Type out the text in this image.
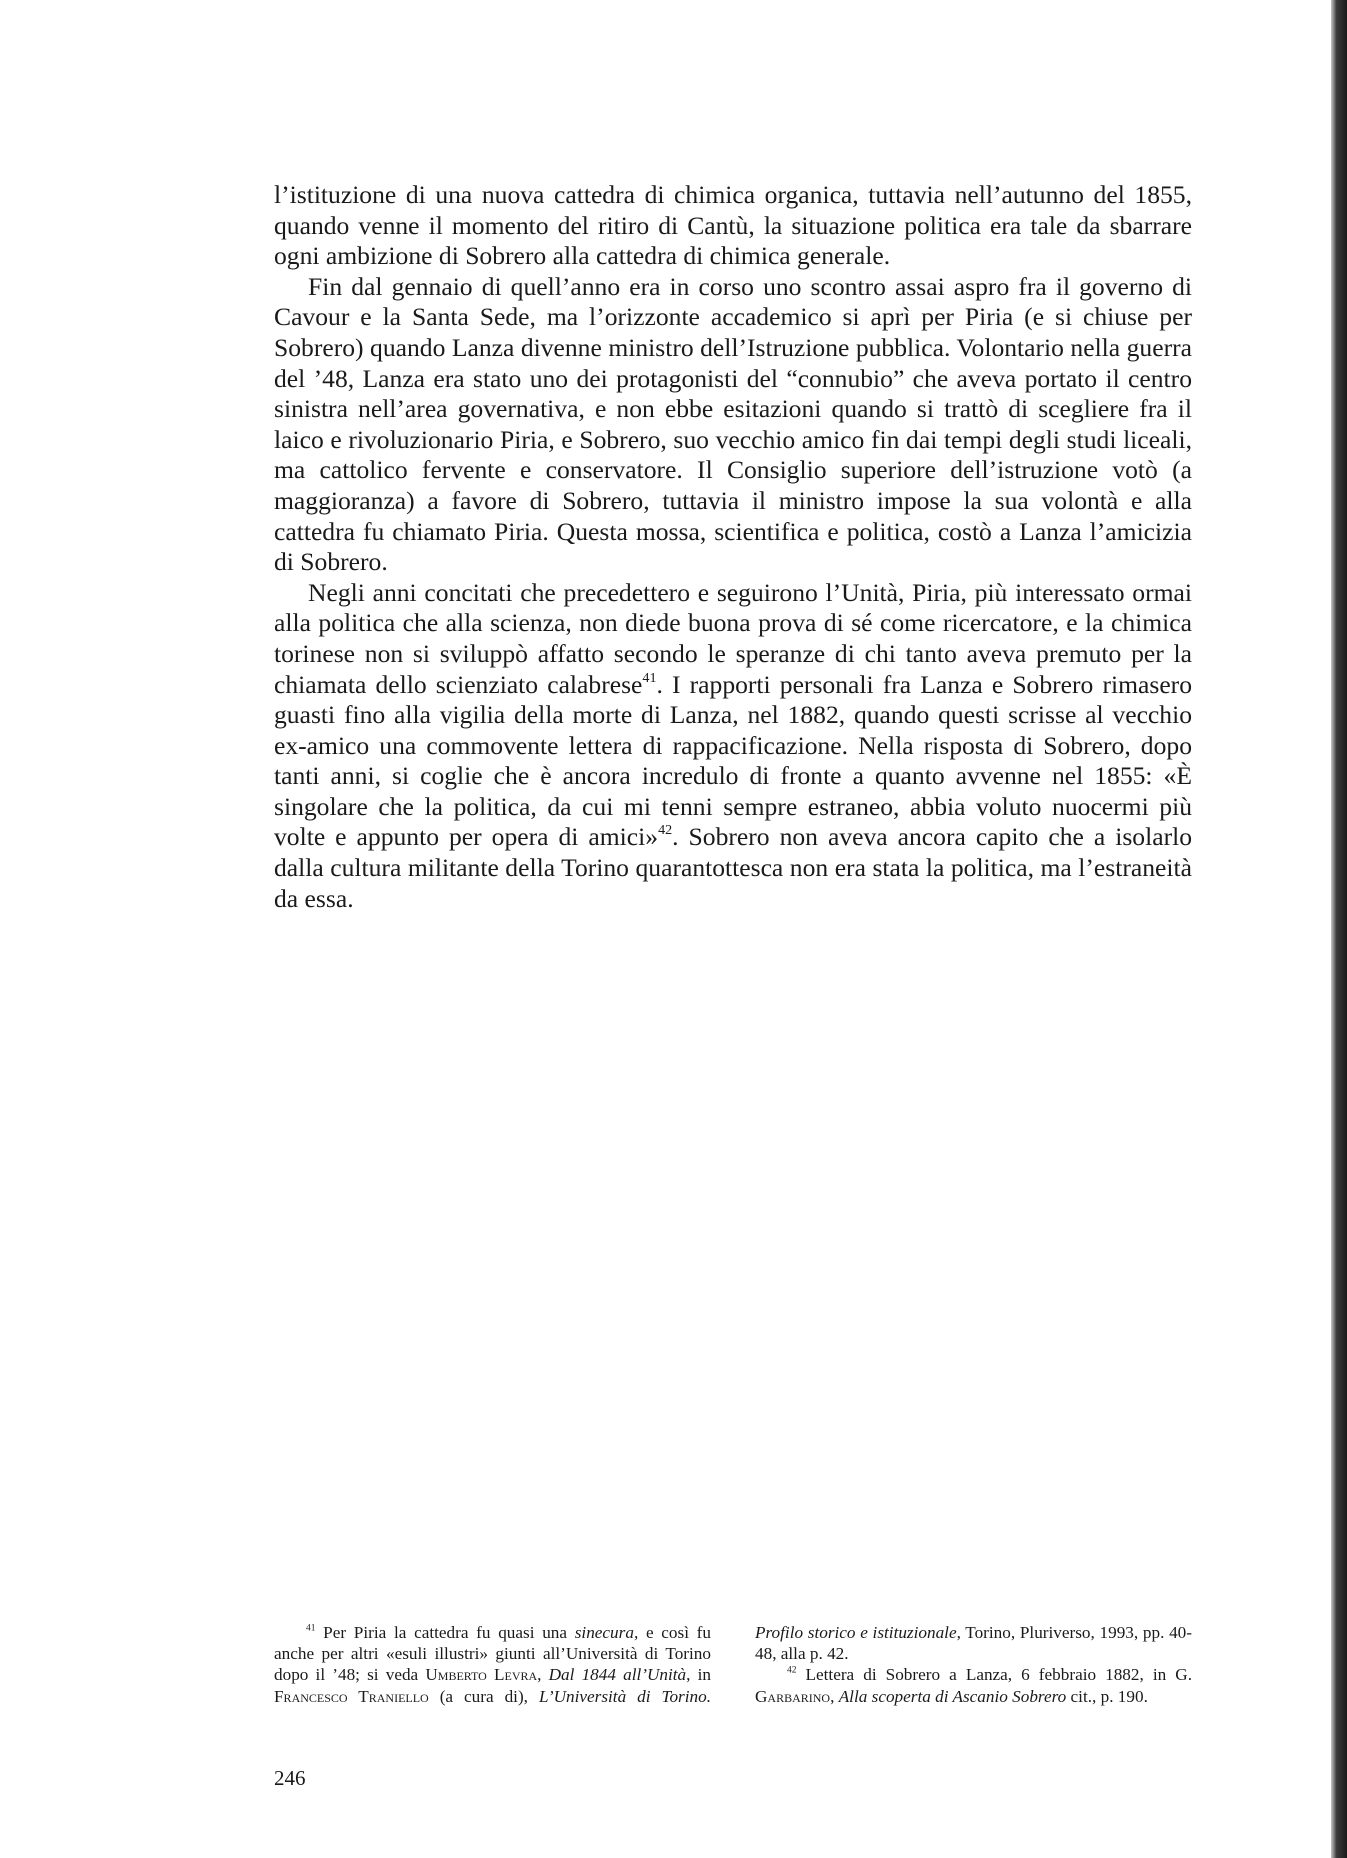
l’istituzione di una nuova cattedra di chimica organica, tuttavia nell’autunno del 1855, quando venne il momento del ritiro di Cantù, la situazione politica era tale da sbarrare ogni ambizione di Sobrero alla cattedra di chimica generale.

Fin dal gennaio di quell’anno era in corso uno scontro assai aspro fra il governo di Cavour e la Santa Sede, ma l’orizzonte accademico si aprì per Piria (e si chiuse per Sobrero) quando Lanza divenne ministro dell’Istruzione pubblica. Volontario nella guerra del ’48, Lanza era stato uno dei protagonisti del “connubio” che aveva portato il centro sinistra nell’area governativa, e non ebbe esitazioni quando si trattò di scegliere fra il laico e rivoluzionario Piria, e Sobrero, suo vecchio amico fin dai tempi degli studi liceali, ma cattolico fervente e conservatore. Il Consiglio superiore dell’istruzione votò (a maggioranza) a favore di Sobrero, tuttavia il ministro impose la sua volontà e alla cattedra fu chiamato Piria. Questa mossa, scientifica e politica, costò a Lanza l’amicizia di Sobrero.

Negli anni concitati che precedettero e seguirono l’Unità, Piria, più interessato ormai alla politica che alla scienza, non diede buona prova di sé come ricercatore, e la chimica torinese non si sviluppò affatto secondo le speranze di chi tanto aveva premuto per la chiamata dello scienziato calabrese$^{41}$. I rapporti personali fra Lanza e Sobrero rimasero guasti fino alla vigilia della morte di Lanza, nel 1882, quando questi scrisse al vecchio ex-amico una commovente lettera di rappacificazione. Nella risposta di Sobrero, dopo tanti anni, si coglie che è ancora incredulo di fronte a quanto avvenne nel 1855: «È singolare che la politica, da cui mi tenni sempre estraneo, abbia voluto nuocermi più volte e appunto per opera di amici»$^{42}$. Sobrero non aveva ancora capito che a isolarlo dalla cultura militante della Torino quarantottesca non era stata la politica, ma l’estraneità da essa.

$^{41}$ Per Piria la cattedra fu quasi una sinecura, e così fu anche per altri «esuli illustri» giunti all’Università di Torino dopo il ’48; si veda Umberto Levra, Dal 1844 all’Unità, in Francesco Traniello (a cura di), L’Università di Torino. Profilo storico e istituzionale, Torino, Pluriverso, 1993, pp. 40-48, alla p. 42.

$^{42}$ Lettera di Sobrero a Lanza, 6 febbraio 1882, in G. Garbarino, Alla scoperta di Ascanio Sobrero cit., p. 190.

246
